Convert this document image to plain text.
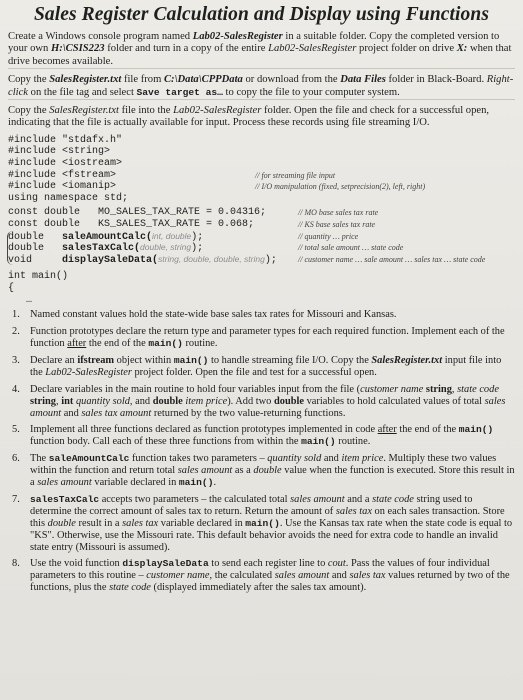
Sales Register Calculation and Display using Functions

Create a Windows console program named Lab02-SalesRegister in a suitable folder. Copy the completed version to your own H:\CSIS223 folder and turn in a copy of the entire Lab02-SalesRegister project folder on drive X: when that drive becomes available.

Copy the SalesRegister.txt file from C:\Data\CPPData or download from the Data Files folder in Black-Board. Right-click on the file tag and select Save target as… to copy the file to your computer system.

Copy the SalesRegister.txt file into the Lab02-SalesRegister folder. Open the file and check for a successful open, indicating that the file is actually available for input. Process these records using file streaming I/O.

#include "stdafx.h"
#include <string>
#include <iostream>
#include <fstream>	// for streaming file input
#include <iomanip>	// I/O manipulation (fixed, setprecision(2), left, right)
using namespace std;
const double   MO_SALES_TAX_RATE = 0.04316;	// MO base sales tax rate
const double   KS_SALES_TAX_RATE = 0.068;	// KS base sales tax rate
double saleAmountCalc(int, double);	// quantity … price
double salesTaxCalc(double, string);	// total sale amount … state code
void	displaySaleData(string, double, double, string);	// customer name … sale amount … sales tax … state code
int main()
{
…
1. Named constant values hold the state-wide base sales tax rates for Missouri and Kansas.
2. Function prototypes declare the return type and parameter types for each required function. Implement each of the function after the end of the main() routine.
3. Declare an ifstream object within main() to handle streaming file I/O. Copy the SalesRegister.txt input file into the Lab02-SalesRegister project folder. Open the file and test for a successful open.
4. Declare variables in the main routine to hold four variables input from the file (customer name string, state code string, int quantity sold, and double item price). Add two double variables to hold calculated values of total sales amount and sales tax amount returned by the two value-returning functions.
5. Implement all three functions declared as function prototypes implemented in code after the end of the main() function body. Call each of these three functions from within the main() routine.
6. The saleAmountCalc function takes two parameters – quantity sold and item price. Multiply these two values within the function and return total sales amount as a double value when the function is executed. Store this result in a sales amount variable declared in main().
7. salesTaxCalc accepts two parameters – the calculated total sales amount and a state code string used to determine the correct amount of sales tax to return. Return the amount of sales tax on each sales transaction. Store this double result in a sales tax variable declared in main(). Use the Kansas tax rate when the state code is equal to "KS". Otherwise, use the Missouri rate. This default behavior avoids the need for extra code to handle an invalid state entry (Missouri is assumed).
8. Use the void function displaySaleData to send each register line to cout. Pass the values of four individual parameters to this routine – customer name, the calculated sales amount and sales tax values returned by two of the functions, plus the state code (displayed immediately after the sales tax amount).
